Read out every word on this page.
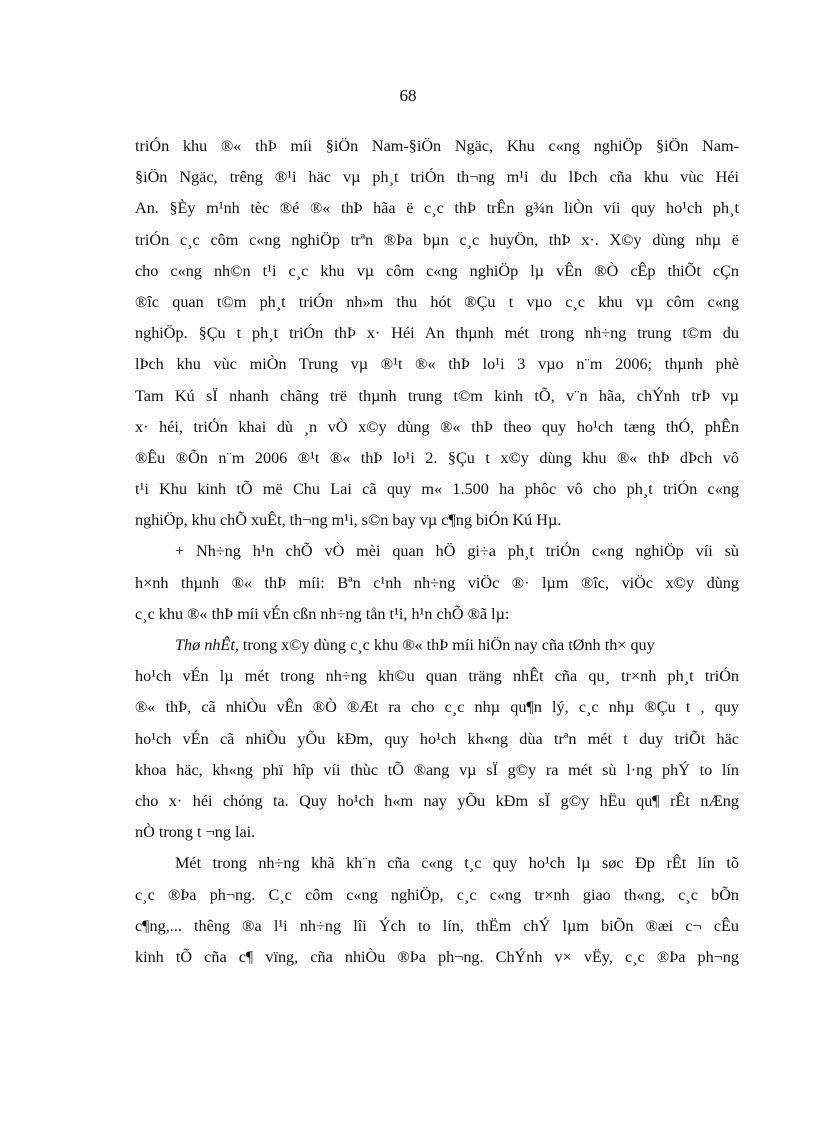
68
triÓn khu ®« thÞ míi §iÖn Nam-§iÖn Ngäc, Khu c«ng nghiÖp §iÖn Nam-
§iÖn Ngäc, trêng ®¹i häc vµ ph¸t triÓn th¬ng m¹i du lÞch cña khu vùc Héi
An. §Èy m¹nh tèc ®é ®« thÞ hãa ë c¸c thÞ trÊn g¾n liÒn víi quy ho¹ch ph¸t
triÓn c¸c côm c«ng nghiÖp trªn ®Þa bµn c¸c huyÖn, thÞ x·. X©y dùng nhµ ë
cho c«ng nh©n t¹i c¸c khu vµ côm c«ng nghiÖp lµ vÊn ®Ò cÊp thiÕt cÇn
®îc quan t©m ph¸t triÓn nh»m thu hót ®Çu t vµo c¸c khu vµ côm c«ng
nghiÖp. §Çu t ph¸t triÓn thÞ x· Héi An thµnh mét trong nh÷ng trung t©m du
lÞch khu vùc miÒn Trung vµ ®¹t ®« thÞ lo¹i 3 vµo n¨m 2006; thµnh phè
Tam Kú sÏ nhanh chãng trë thµnh trung t©m kinh tÕ, v¨n hãa, chÝnh trÞ vµ
x· héi, triÓn khai dù ¸n vÒ x©y dùng ®« thÞ theo quy ho¹ch tæng thÓ, phÊn
®Êu ®Õn n¨m 2006 ®¹t ®« thÞ lo¹i 2. §Çu t x©y dùng khu ®« thÞ dÞch vô
t¹i Khu kinh tÕ më Chu Lai cã quy m« 1.500 ha phôc vô cho ph¸t triÓn c«ng
nghiÖp, khu chÕ xuÊt, th¬ng m¹i, s©n bay vµ c¶ng biÓn Kú Hµ.
+ Nh÷ng h¹n chÕ vÒ mèi quan hÖ gi÷a ph¸t triÓn c«ng nghiÖp víi sù
h×nh thµnh ®« thÞ míi: Bªn c¹nh nh÷ng viÖc ®· lµm ®îc, viÖc x©y dùng
c¸c khu ®« thÞ míi vÉn cßn nh÷ng tån t¹i, h¹n chÕ ®ã lµ:
Thø nhÊt, trong x©y dùng c¸c khu ®« thÞ míi hiÖn nay cña tØnh th× quy
ho¹ch vÉn lµ mét trong nh÷ng kh©u quan träng nhÊt cña qu¸ tr×nh ph¸t triÓn
®« thÞ, cã nhiÒu vÊn ®Ò ®Æt ra cho c¸c nhµ qu¶n lý, c¸c nhµ ®Çu t , quy
ho¹ch vÉn cã nhiÒu yÕu kÐm, quy ho¹ch kh«ng dùa trªn mét t duy triÕt häc
khoa häc, kh«ng phï hîp víi thùc tÕ ®ang vµ sÏ g©y ra mét sù l·ng phÝ to lín
cho x· héi chóng ta. Quy ho¹ch h«m nay yÕu kÐm sÏ g©y hËu qu¶ rÊt nÆng
nÒ trong t ¬ng lai.
Mét trong nh÷ng khã kh¨n cña c«ng t¸c quy ho¹ch lµ søc Ðp rÊt lín tõ
c¸c ®Þa ph¬ng. C¸c côm c«ng nghiÖp, c¸c c«ng tr×nh giao th«ng, c¸c bÕn
c¶ng,... thêng ®a l¹i nh÷ng lîi Ých to lín, thËm chÝ lµm biÕn ®æi c¬ cÊu
kinh tÕ cña c¶ vïng, cña nhiÒu ®Þa ph¬ng. ChÝnh v× vËy, c¸c ®Þa ph¬ng
